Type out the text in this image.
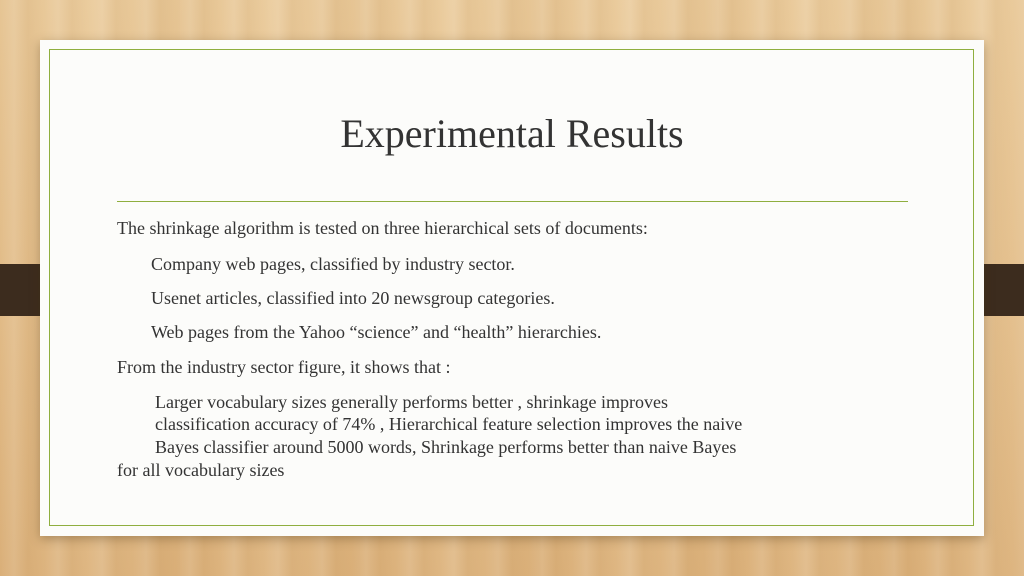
Experimental Results
The shrinkage algorithm is tested on three hierarchical sets of documents:
Company web pages, classified by industry sector.
Usenet articles, classified into 20 newsgroup categories.
Web pages from the Yahoo “science” and “health” hierarchies.
From the industry sector figure, it shows that :
Larger vocabulary sizes generally performs better , shrinkage improves
classification accuracy of 74% , Hierarchical feature selection improves the naive
Bayes classifier around 5000 words, Shrinkage performs better than naive Bayes
for all vocabulary sizes
